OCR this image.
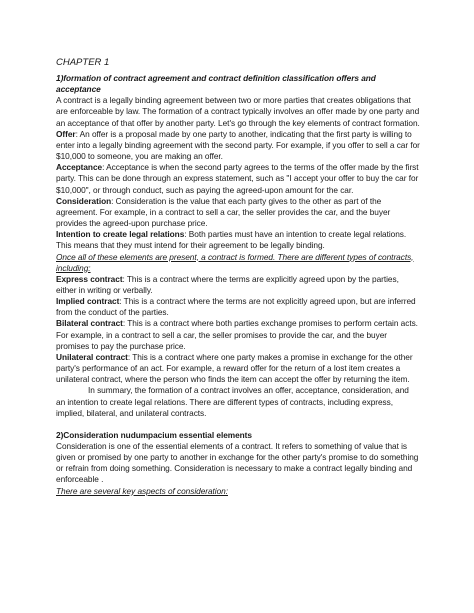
CHAPTER 1

1)formation of contract agreement and contract definition classification offers and acceptance

A contract is a legally binding agreement between two or more parties that creates obligations that are enforceable by law. The formation of a contract typically involves an offer made by one party and an acceptance of that offer by another party. Let's go through the key elements of contract formation.

Offer: An offer is a proposal made by one party to another, indicating that the first party is willing to enter into a legally binding agreement with the second party. For example, if you offer to sell a car for $10,000 to someone, you are making an offer.

Acceptance: Acceptance is when the second party agrees to the terms of the offer made by the first party. This can be done through an express statement, such as "I accept your offer to buy the car for $10,000", or through conduct, such as paying the agreed-upon amount for the car.

Consideration: Consideration is the value that each party gives to the other as part of the agreement. For example, in a contract to sell a car, the seller provides the car, and the buyer provides the agreed-upon purchase price.

Intention to create legal relations: Both parties must have an intention to create legal relations. This means that they must intend for their agreement to be legally binding.

Once all of these elements are present, a contract is formed. There are different types of contracts, including:

Express contract: This is a contract where the terms are explicitly agreed upon by the parties, either in writing or verbally.

Implied contract: This is a contract where the terms are not explicitly agreed upon, but are inferred from the conduct of the parties.

Bilateral contract: This is a contract where both parties exchange promises to perform certain acts. For example, in a contract to sell a car, the seller promises to provide the car, and the buyer promises to pay the purchase price.

Unilateral contract: This is a contract where one party makes a promise in exchange for the other party's performance of an act. For example, a reward offer for the return of a lost item creates a unilateral contract, where the person who finds the item can accept the offer by returning the item.

In summary, the formation of a contract involves an offer, acceptance, consideration, and an intention to create legal relations. There are different types of contracts, including express, implied, bilateral, and unilateral contracts.

2)Consideration nudumpacium essential elements

Consideration is one of the essential elements of a contract. It refers to something of value that is given or promised by one party to another in exchange for the other party's promise to do something or refrain from doing something. Consideration is necessary to make a contract legally binding and enforceable .

There are several key aspects of consideration:
